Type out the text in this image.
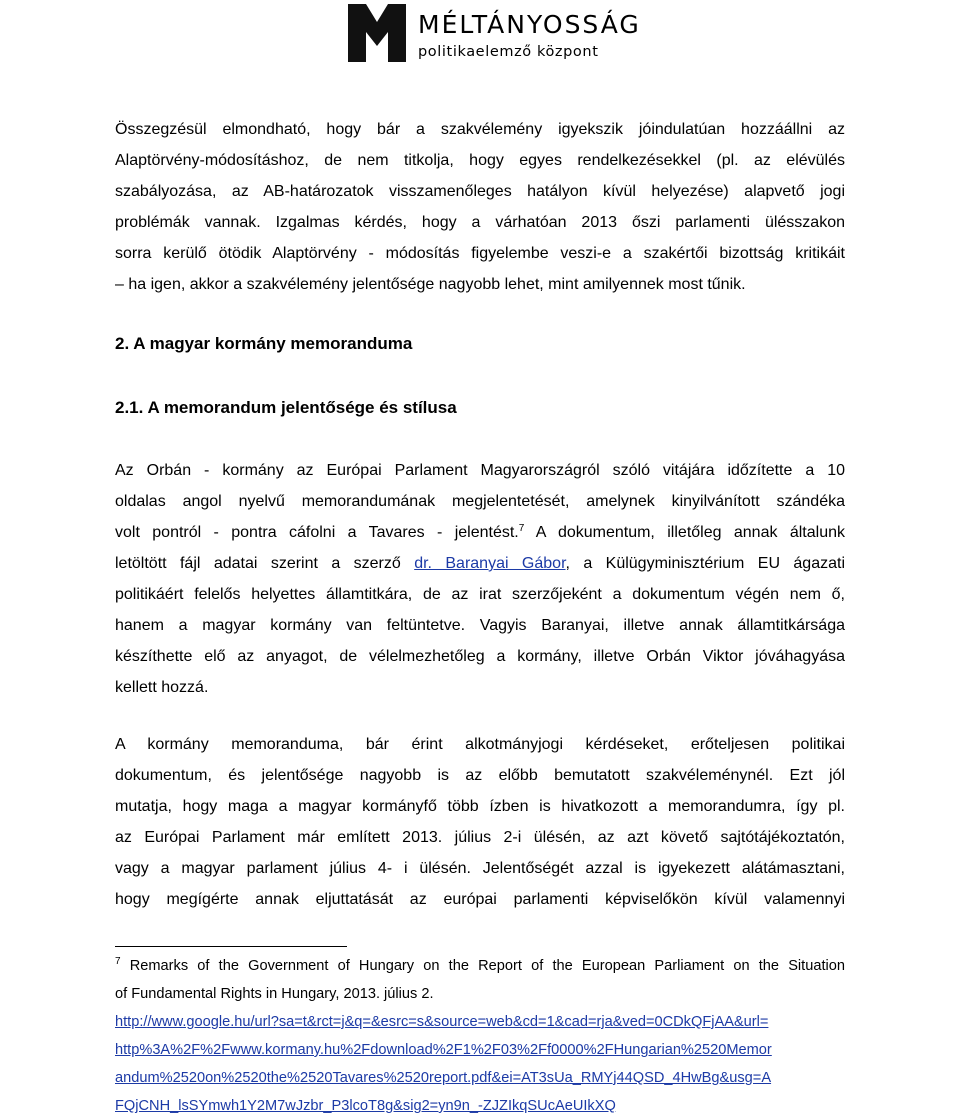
MÉLTÁNYOSSÁG
politikaelemző központ
Összegzésül elmondható, hogy bár a szakvélemény igyekszik jóindulatúan hozzáállni az
Alaptörvény-módosításhoz, de nem titkolja, hogy egyes rendelkezésekkel (pl. az elévülés
szabályozása, az AB-határozatok visszamenőleges hatályon kívül helyezése) alapvető jogi
problémák vannak. Izgalmas kérdés, hogy a várhatóan 2013 őszi parlamenti ülésszakon
sorra kerülő ötödik Alaptörvény - módosítás figyelembe veszi-e a szakértői bizottság kritikáit
– ha igen, akkor a szakvélemény jelentősége nagyobb lehet, mint amilyennek most tűnik.
2. A magyar kormány memoranduma
2.1. A memorandum jelentősége és stílusa
Az Orbán - kormány az Európai Parlament Magyarországról szóló vitájára időzítette a 10
oldalas angol nyelvű memorandumának megjelentetését, amelynek kinyilvánított szándéka
volt pontról - pontra cáfolni a Tavares - jelentést.$^7$ A dokumentum, illetőleg annak általunk
letöltött fájl adatai szerint a szerző dr. Baranyai Gábor, a Külügyminisztérium EU ágazati
politikáért felelős helyettes államtitkára, de az irat szerzőjeként a dokumentum végén nem ő,
hanem a magyar kormány van feltüntetve. Vagyis Baranyai, illetve annak államtitkársága
készíthette elő az anyagot, de vélelmezhetőleg a kormány, illetve Orbán Viktor jóváhagyása
kellett hozzá.
A kormány memoranduma, bár érint alkotmányjogi kérdéseket, erőteljesen politikai
dokumentum, és jelentősége nagyobb is az előbb bemutatott szakvéleménynél. Ezt jól
mutatja, hogy maga a magyar kormányfő több ízben is hivatkozott a memorandumra, így pl.
az Európai Parlament már említett 2013. július 2-i ülésén, az azt követő sajtótájékoztatón,
vagy a magyar parlament július 4- i ülésén. Jelentőségét azzal is igyekezett alátámasztani,
hogy megígérte annak eljuttatását az európai parlamenti képviselőkön kívül valamennyi
$^7$ Remarks of the Government of Hungary on the Report of the European Parliament on the Situation
of Fundamental Rights in Hungary, 2013. július 2.
http://www.google.hu/url?sa=t&rct=j&q=&esrc=s&source=web&cd=1&cad=rja&ved=0CDkQFjAA&url=
http%3A%2F%2Fwww.kormany.hu%2Fdownload%2F1%2F03%2Ff0000%2FHungarian%2520Memor
andum%2520on%2520the%2520Tavares%2520report.pdf&ei=AT3sUa_RMYj44QSD_4HwBg&usg=A
FQjCNH_lsSYmwh1Y2M7wJzbr_P3lcoT8g&sig2=yn9n_-ZJZIkqSUcAeUIkXQ
